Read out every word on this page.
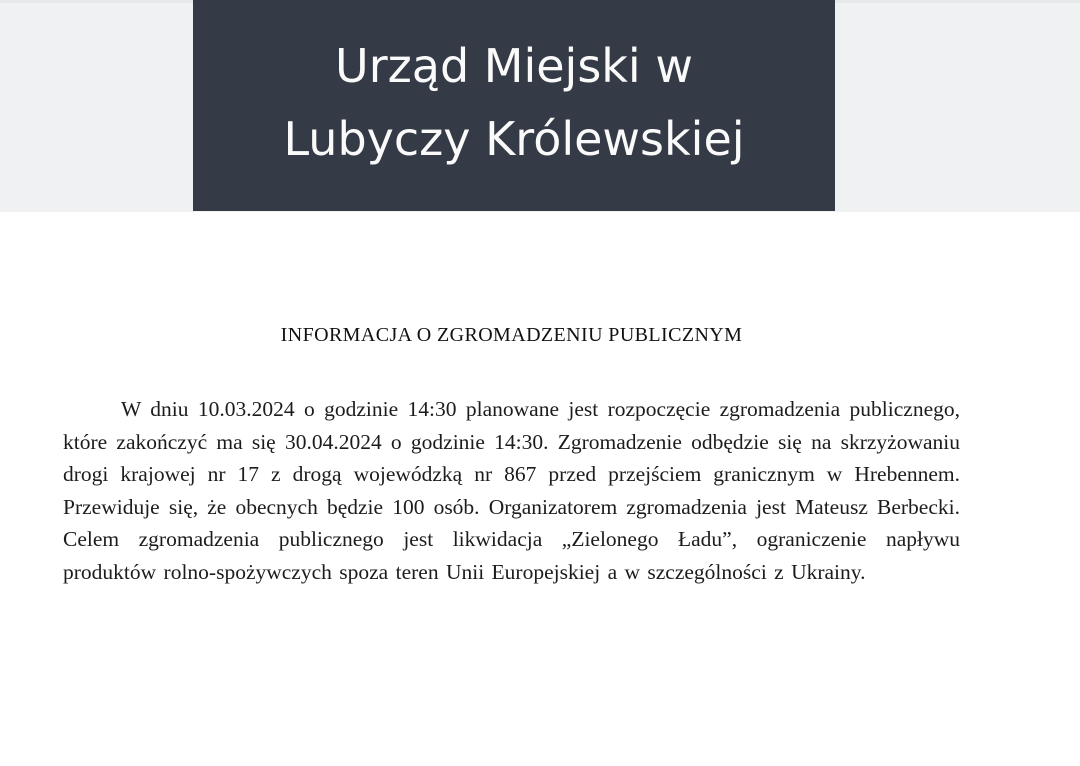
Urząd Miejski w
Lubyczy Królewskiej
INFORMACJA O ZGROMADZENIU PUBLICZNYM

W dniu 10.03.2024 o godzinie 14:30 planowane jest rozpoczęcie zgromadzenia publicznego, które zakończyć ma się 30.04.2024 o godzinie 14:30. Zgromadzenie odbędzie się na skrzyżowaniu drogi krajowej nr 17 z drogą wojewódzką nr 867 przed przejściem granicznym w Hrebennem. Przewiduje się, że obecnych będzie 100 osób. Organizatorem zgromadzenia jest Mateusz Berbecki. Celem zgromadzenia publicznego jest likwidacja „Zielonego Ładu”, ograniczenie napływu produktów rolno-spożywczych spoza teren Unii Europejskiej a w szczególności z Ukrainy.
